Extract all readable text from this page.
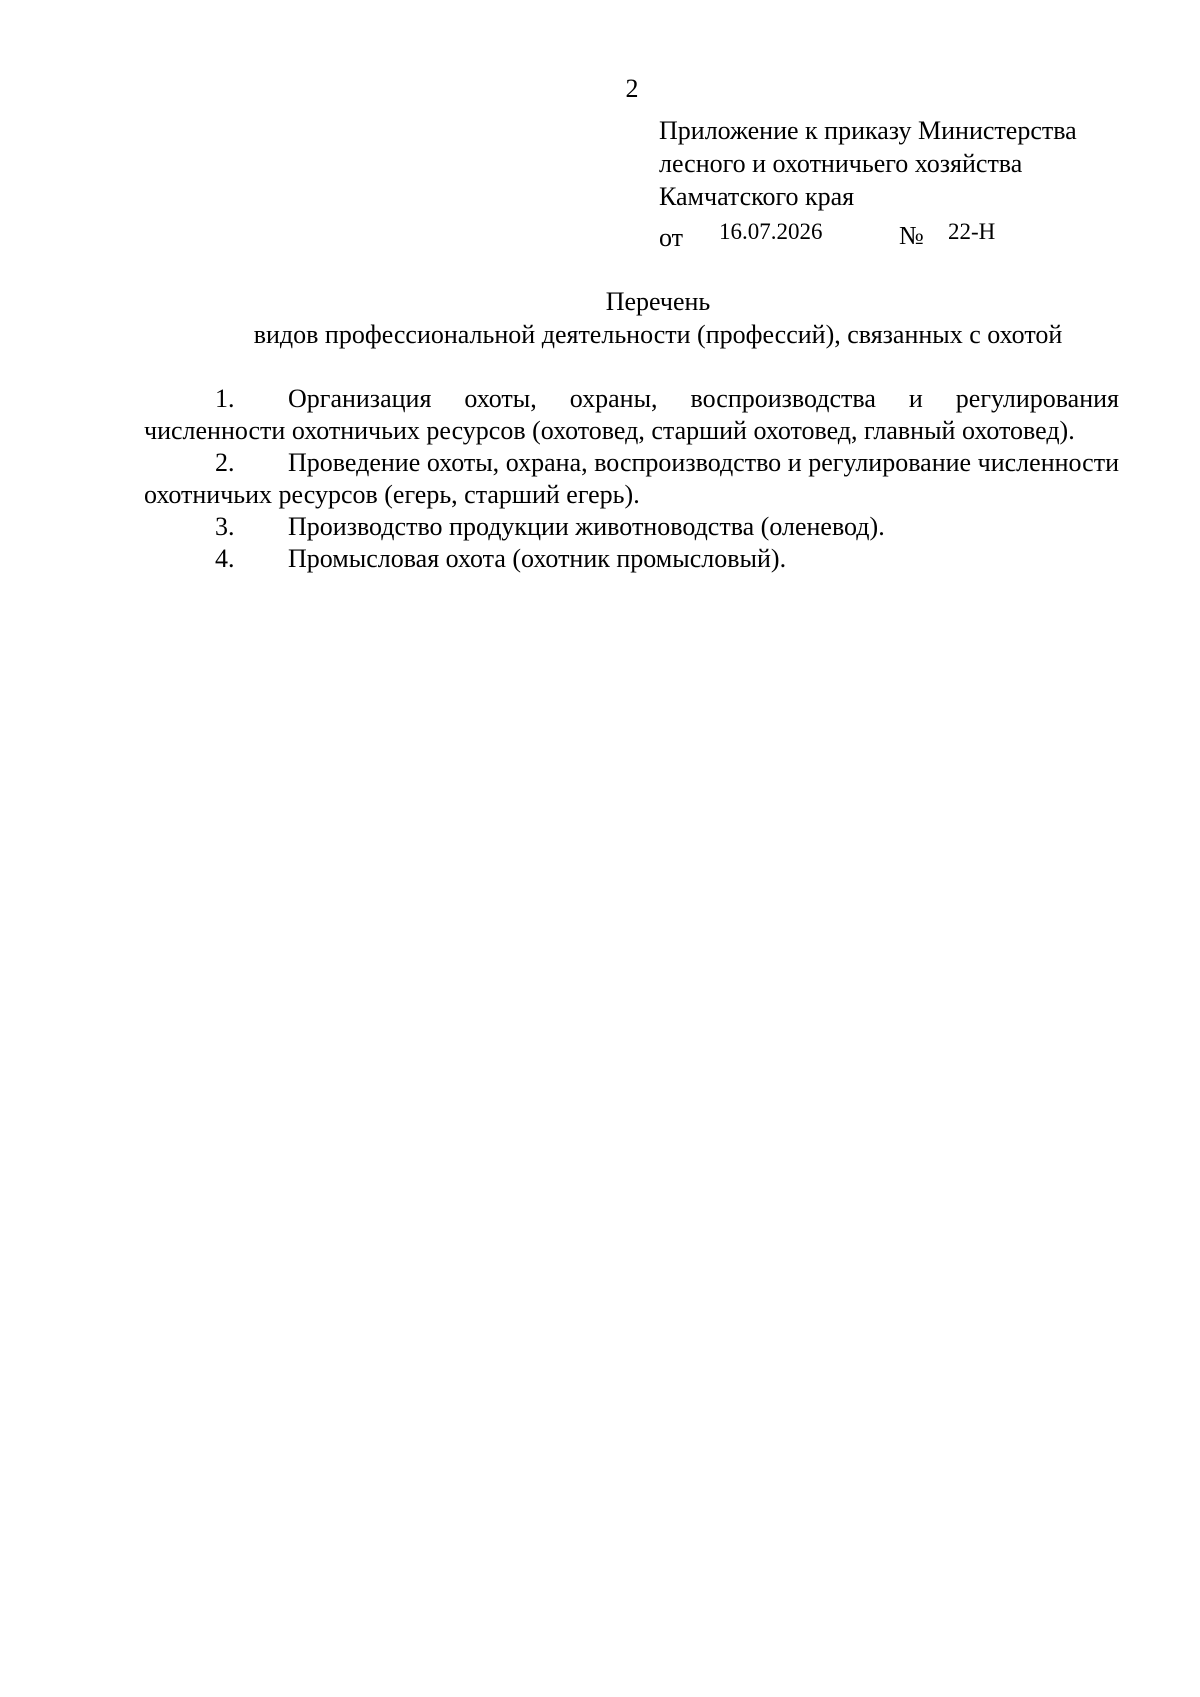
2
Приложение к приказу Министерства
лесного и охотничьего хозяйства
Камчатского края
от 16.07.2026	№ 22-Н
Перечень
видов профессиональной деятельности (профессий), связанных с охотой

1. Организация охоты, охраны, воспроизводства и регулирования численности охотничьих ресурсов (охотовед, старший охотовед, главный охотовед).

2. Проведение охоты, охрана, воспроизводство и регулирование численности охотничьих ресурсов (егерь, старший егерь).

3. Производство продукции животноводства (оленевод).

4. Промысловая охота (охотник промысловый).
